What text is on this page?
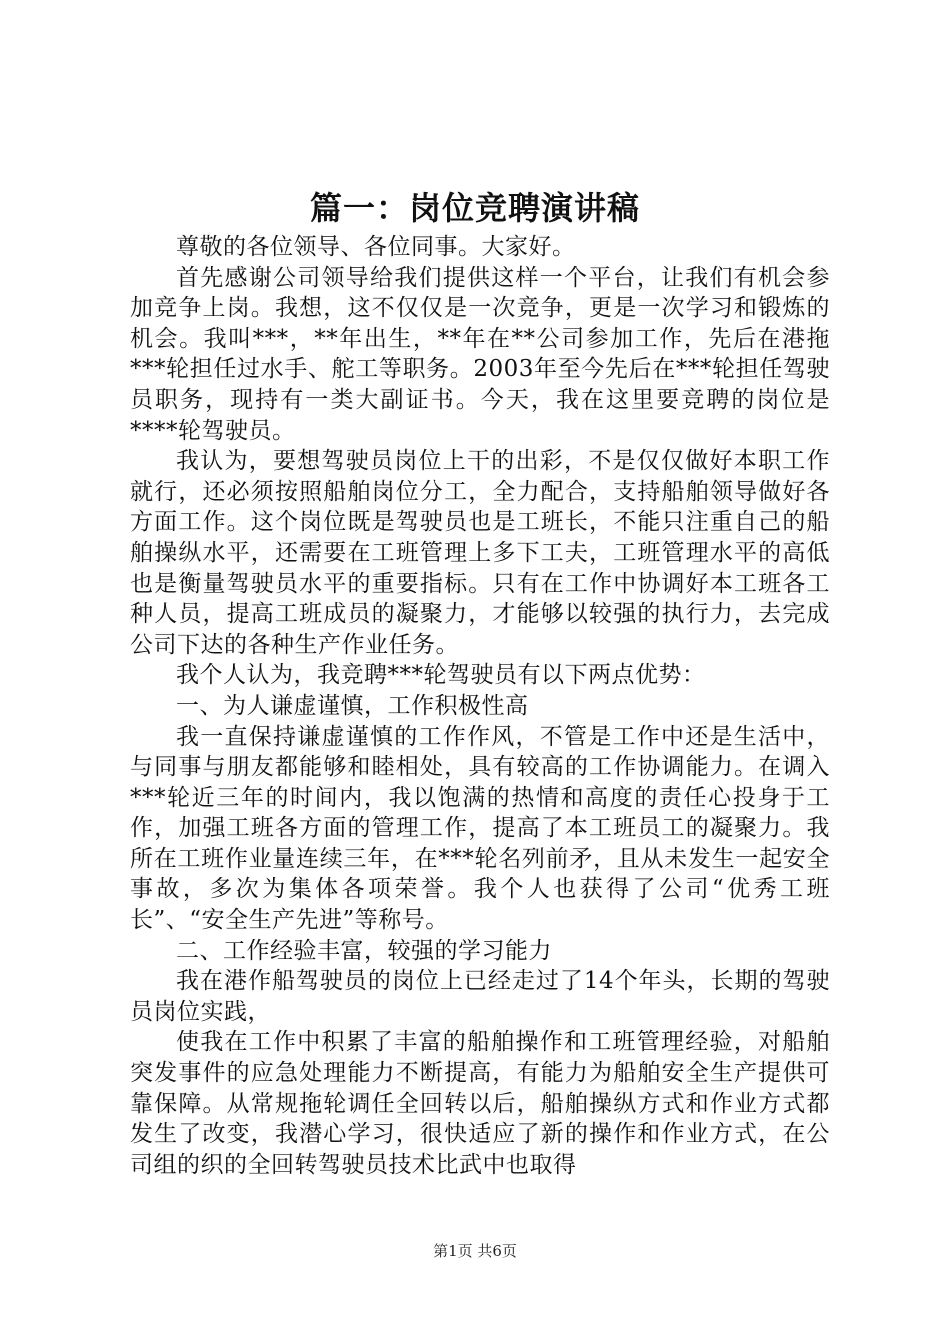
篇一：岗位竞聘演讲稿

尊敬的各位领导、各位同事。大家好。

首先感谢公司领导给我们提供这样一个平台，让我们有机会参加竞争上岗。我想，这不仅仅是一次竞争，更是一次学习和锻炼的机会。我叫***，**年出生，**年在**公司参加工作，先后在港拖***轮担任过水手、舵工等职务。2003年至今先后在***轮担任驾驶员职务，现持有一类大副证书。今天，我在这里要竞聘的岗位是****轮驾驶员。

我认为，要想驾驶员岗位上干的出彩，不是仅仅做好本职工作就行，还必须按照船舶岗位分工，全力配合，支持船舶领导做好各方面工作。这个岗位既是驾驶员也是工班长，不能只注重自己的船舶操纵水平，还需要在工班管理上多下工夫，工班管理水平的高低也是衡量驾驶员水平的重要指标。只有在工作中协调好本工班各工种人员，提高工班成员的凝聚力，才能够以较强的执行力，去完成公司下达的各种生产作业任务。

我个人认为，我竞聘***轮驾驶员有以下两点优势：

一、为人谦虚谨慎，工作积极性高

我一直保持谦虚谨慎的工作作风，不管是工作中还是生活中，与同事与朋友都能够和睦相处，具有较高的工作协调能力。在调入***轮近三年的时间内，我以饱满的热情和高度的责任心投身于工作，加强工班各方面的管理工作，提高了本工班员工的凝聚力。我所在工班作业量连续三年，在***轮名列前矛，且从未发生一起安全事故，多次为集体各项荣誉。我个人也获得了公司“优秀工班长”、“安全生产先进”等称号。

二、工作经验丰富，较强的学习能力

我在港作船驾驶员的岗位上已经走过了14个年头，长期的驾驶员岗位实践，

使我在工作中积累了丰富的船舶操作和工班管理经验，对船舶突发事件的应急处理能力不断提高，有能力为船舶安全生产提供可靠保障。从常规拖轮调任全回转以后，船舶操纵方式和作业方式都发生了改变，我潜心学习，很快适应了新的操作和作业方式，在公司组的织的全回转驾驶员技术比武中也取得

第1页 共6页
